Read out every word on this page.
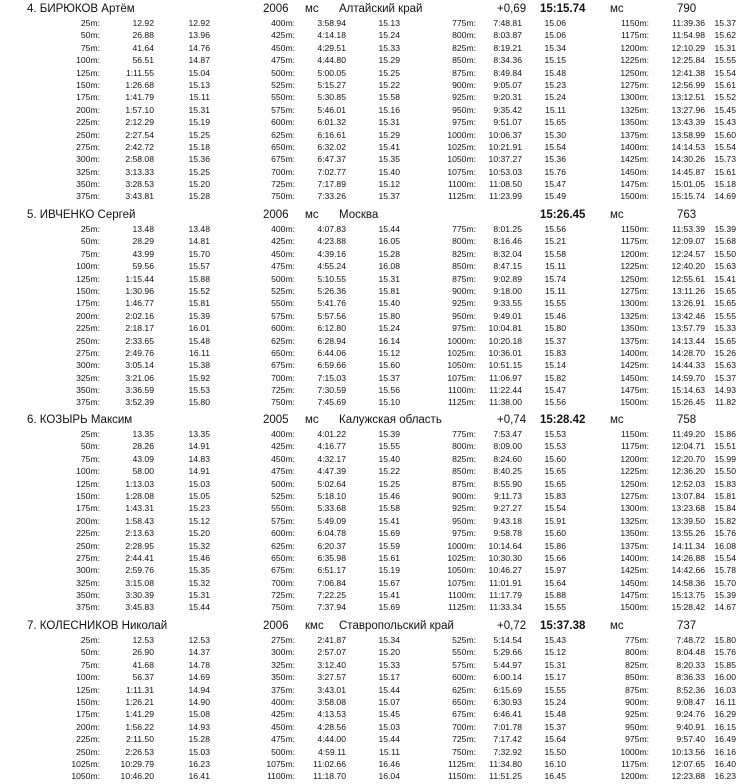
4. БИРЮКОВ Артём	2006 мс Алтайский край	+0,69 15:15.74 мс	790
25m:	12.92	12.92	400m:	3:58.94	15.13	775m: 7:48.81	15.06	1150m:	11:39.36 15.37
50m:	26.88	13.96	425m:	4:14.18	15.24	800m: 8:03.87	15.06	1175m:	11:54.98 15.62
75m:	41.64	14.76	450m:	4:29.51	15.33	825m: 8:19.21	15.34	1200m:	12:10.29 15.31
100m:	56.51	14.87	475m:	4:44.80	15.29	850m: 8:34.36	15.15	1225m:	12:25.84 15.55
125m:	1:11.55	15.04	500m:	5:00.05	15.25	875m: 8:49.84	15.48	1250m:	12:41.38 15.54
150m:	1:26.68	15.13	525m:	5:15.27	15.22	900m: 9:05.07	15.23	1275m:	12:56.99 15.61
175m:	1:41.79	15.11	550m:	5:30.85	15.58	925m: 9:20.31	15.24	1300m:	13:12.51 15.52
200m:	1:57.10	15.31	575m:	5:46.01	15.16	950m: 9:35.42	15.11	1325m:	13:27.96 15.45
225m:	2:12.29	15.19	600m:	6:01.32	15.31	975m: 9:51.07	15.65	1350m:	13:43.39 15.43
250m:	2:27.54	15.25	625m:	6:16.61	15.29	1000m: 10:06.37	15.30	1375m:	13:58.99 15.60
275m:	2:42.72	15.18	650m:	6:32.02	15.41	1025m: 10:21.91	15.54	1400m:	14:14.53 15.54
300m:	2:58.08	15.36	675m:	6:47.37	15.35	1050m: 10:37.27	15.36	1425m:	14:30.26 15.73
325m:	3:13.33	15.25	700m:	7:02.77	15.40	1075m: 10:53.03	15.76	1450m:	14:45.87 15.61
350m:	3:28.53	15.20	725m:	7:17.89	15.12	1100m: 11:08.50	15.47	1475m:	15:01.05 15.18
375m:	3:43.81	15.28	750m:	7:33.26	15.37	1125m: 11:23.99	15.49	1500m:	15:15.74 14.69
5. ИВЧЕНКО Сергей	2006 мс Москва	15:26.45 мс	763
25m:	13.48	13.48	400m:	4:07.83	15.44	775m: 8:01.25	15.56	1150m:	11:53.39 15.39
50m:	28.29	14.81	425m:	4:23.88	16.05	800m: 8:16.46	15.21	1175m:	12:09.07 15.68
75m:	43.99	15.70	450m:	4:39.16	15.28	825m: 8:32.04	15.58	1200m:	12:24.57 15.50
100m:	59.56	15.57	475m:	4:55.24	16.08	850m: 8:47.15	15.11	1225m:	12:40.20 15.63
125m:	1:15.44	15.88	500m:	5:10.55	15.31	875m: 9:02.89	15.74	1250m:	12:55.61 15.41
150m:	1:30.96	15.52	525m:	5:26.36	15.81	900m: 9:18.00	15.11	1275m:	13:11.26 15.65
175m:	1:46.77	15.81	550m:	5:41.76	15.40	925m: 9:33.55	15.55	1300m:	13:26.91 15.65
200m:	2:02.16	15.39	575m:	5:57.56	15.80	950m: 9:49.01	15.46	1325m:	13:42.46 15.55
225m:	2:18.17	16.01	600m:	6:12.80	15.24	975m: 10:04.81	15.80	1350m:	13:57.79 15.33
250m:	2:33.65	15.48	625m:	6:28.94	16.14	1000m: 10:20.18	15.37	1375m:	14:13.44 15.65
275m:	2:49.76	16.11	650m:	6:44.06	15.12	1025m: 10:36.01	15.83	1400m:	14:28.70 15.26
300m:	3:05.14	15.38	675m:	6:59.66	15.60	1050m: 10:51.15	15.14	1425m:	14:44.33 15.63
325m:	3:21.06	15.92	700m:	7:15.03	15.37	1075m: 11:06.97	15.82	1450m:	14:59.70 15.37
350m:	3:36.59	15.53	725m:	7:30.59	15.56	1100m: 11:22.44	15.47	1475m:	15:14.63 14.93
375m:	3:52.39	15.80	750m:	7:45.69	15.10	1125m: 11:38.00	15.56	1500m:	15:26.45 11.82
6. КОЗЫРЬ Максим	2005 мс Калужская область	+0,74 15:28.42 мс	758
25m:	13.35	13.35	400m:	4:01.22	15.39	775m: 7:53.47	15.53	1150m:	11:49.20 15.86
50m:	28.26	14.91	425m:	4:16.77	15.55	800m: 8:09.00	15.53	1175m:	12:04.71 15.51
75m:	43.09	14.83	450m:	4:32.17	15.40	825m: 8:24.60	15.60	1200m:	12:20.70 15.99
100m:	58.00	14.91	475m:	4:47.39	15.22	850m: 8:40.25	15.65	1225m:	12:36.20 15.50
125m:	1:13.03	15.03	500m:	5:02.64	15.25	875m: 8:55.90	15.65	1250m:	12:52.03 15.83
150m:	1:28.08	15.05	525m:	5:18.10	15.46	900m: 9:11.73	15.83	1275m:	13:07.84 15.81
175m:	1:43.31	15.23	550m:	5:33.68	15.58	925m: 9:27.27	15.54	1300m:	13:23.68 15.84
200m:	1:58.43	15.12	575m:	5:49.09	15.41	950m: 9:43.18	15.91	1325m:	13:39.50 15.82
225m:	2:13.63	15.20	600m:	6:04.78	15.69	975m: 9:58.78	15.60	1350m:	13:55.26 15.76
250m:	2:28.95	15.32	625m:	6:20.37	15.59	1000m: 10:14.64	15.86	1375m:	14:11.34 16.08
275m:	2:44.41	15.46	650m:	6:35.98	15.61	1025m: 10:30.30	15.66	1400m:	14:26.88 15.54
300m:	2:59.76	15.35	675m:	6:51.17	15.19	1050m: 10:46.27	15.97	1425m:	14:42.66 15.78
325m:	3:15.08	15.32	700m:	7:06.84	15.67	1075m: 11:01.91	15.64	1450m:	14:58.36 15.70
350m:	3:30.39	15.31	725m:	7:22.25	15.41	1100m: 11:17.79	15.88	1475m:	15:13.75 15.39
375m:	3:45.83	15.44	750m:	7:37.94	15.69	1125m: 11:33.34	15.55	1500m:	15:28.42 14.67
7. КОЛЕСНИКОВ Николай	2006 кмс Ставропольский край	+0,72 15:37.38 мс	737
25m:	12.53	12.53	275m:	2:41.87	15.34	525m: 5:14.54	15.43	775m:	7:48.72 15.80
50m:	26.90	14.37	300m:	2:57.07	15.20	550m: 5:29.66	15.12	800m:	8:04.48 15.76
75m:	41.68	14.78	325m:	3:12.40	15.33	575m: 5:44.97	15.31	825m:	8:20.33 15.85
100m:	56.37	14.69	350m:	3:27.57	15.17	600m: 6:00.14	15.17	850m:	8:36.33 16.00
125m:	1:11.31	14.94	375m:	3:43.01	15.44	625m: 6:15.69	15.55	875m:	8:52.36 16.03
150m:	1:26.21	14.90	400m:	3:58.08	15.07	650m: 6:30.93	15.24	900m:	9:08.47 16.11
175m:	1:41.29	15.08	425m:	4:13.53	15.45	675m: 6:46.41	15.48	925m:	9:24.76 16.29
200m:	1:56.22	14.93	450m:	4:28.56	15.03	700m: 7:01.78	15.37	950m:	9:40.91 16.15
225m:	2:11.50	15.28	475m:	4:44.00	15.44	725m: 7:17.42	15.64	975m:	9:57.40 16.49
250m:	2:26.53	15.03	500m:	4:59.11	15.11	750m: 7:32.92	15.50	1000m:	10:13.56 16.16
1025m: 10:29.79	16.23	1075m: 11:02.66	16.46	1125m: 11:34.80	16.10	1175m:	12:07.65 16.40
1050m: 10:46.20	16.41	1100m: 11:18.70	16.04	1150m: 11:51.25	16.45	1200m:	12:23.88 16.23
